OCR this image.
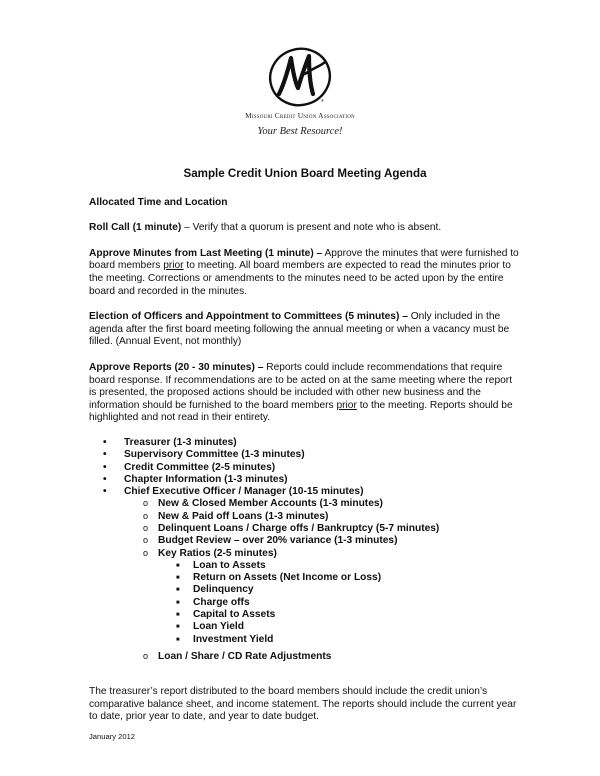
®
Missouri Credit Union Association
Your Best Resource!
Sample Credit Union Board Meeting Agenda

Allocated Time and Location

Roll Call (1 minute) – Verify that a quorum is present and note who is absent.

Approve Minutes from Last Meeting (1 minute) – Approve the minutes that were furnished to board members prior to meeting. All board members are expected to read the minutes prior to the meeting. Corrections or amendments to the minutes need to be acted upon by the entire board and recorded in the minutes.

Election of Officers and Appointment to Committees (5 minutes) – Only included in the agenda after the first board meeting following the annual meeting or when a vacancy must be filled. (Annual Event, not monthly)

Approve Reports (20 - 30 minutes) – Reports could include recommendations that require board response. If recommendations are to be acted on at the same meeting where the report is presented, the proposed actions should be included with other new business and the information should be furnished to the board members prior to the meeting. Reports should be highlighted and not read in their entirety.

• Treasurer (1-3 minutes)
• Supervisory Committee (1-3 minutes)
• Credit Committee (2-5 minutes)
• Chapter Information (1-3 minutes)
• Chief Executive Officer / Manager (10-15 minutes)
o New & Closed Member Accounts (1-3 minutes)
o New & Paid off Loans (1-3 minutes)
o Delinquent Loans / Charge offs / Bankruptcy (5-7 minutes)
o Budget Review – over 20% variance (1-3 minutes)
o Key Ratios (2-5 minutes)
■ Loan to Assets
■ Return on Assets (Net Income or Loss)
■ Delinquency
■ Charge offs
■ Capital to Assets
■ Loan Yield
■ Investment Yield
o Loan / Share / CD Rate Adjustments

The treasurer’s report distributed to the board members should include the credit union’s comparative balance sheet, and income statement. The reports should include the current year to date, prior year to date, and year to date budget.

January 2012
